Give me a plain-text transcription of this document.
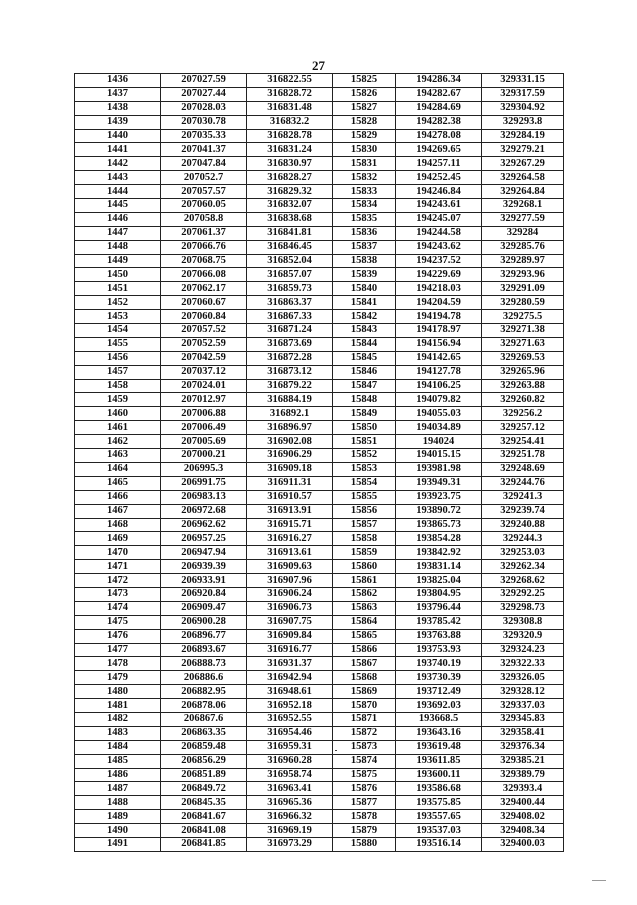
27
1436	207027.59	316822.55	15825	194286.34	329331.15
1437	207027.44	316828.72	15826	194282.67	329317.59
1438	207028.03	316831.48	15827	194284.69	329304.92
1439	207030.78	316832.2	15828	194282.38	329293.8
1440	207035.33	316828.78	15829	194278.08	329284.19
1441	207041.37	316831.24	15830	194269.65	329279.21
1442	207047.84	316830.97	15831	194257.11	329267.29
1443	207052.7	316828.27	15832	194252.45	329264.58
1444	207057.57	316829.32	15833	194246.84	329264.84
1445	207060.05	316832.07	15834	194243.61	329268.1
1446	207058.8	316838.68	15835	194245.07	329277.59
1447	207061.37	316841.81	15836	194244.58	329284
1448	207066.76	316846.45	15837	194243.62	329285.76
1449	207068.75	316852.04	15838	194237.52	329289.97
1450	207066.08	316857.07	15839	194229.69	329293.96
1451	207062.17	316859.73	15840	194218.03	329291.09
1452	207060.67	316863.37	15841	194204.59	329280.59
1453	207060.84	316867.33	15842	194194.78	329275.5
1454	207057.52	316871.24	15843	194178.97	329271.38
1455	207052.59	316873.69	15844	194156.94	329271.63
1456	207042.59	316872.28	15845	194142.65	329269.53
1457	207037.12	316873.12	15846	194127.78	329265.96
1458	207024.01	316879.22	15847	194106.25	329263.88
1459	207012.97	316884.19	15848	194079.82	329260.82
1460	207006.88	316892.1	15849	194055.03	329256.2
1461	207006.49	316896.97	15850	194034.89	329257.12
1462	207005.69	316902.08	15851	194024	329254.41
1463	207000.21	316906.29	15852	194015.15	329251.78
1464	206995.3	316909.18	15853	193981.98	329248.69
1465	206991.75	316911.31	15854	193949.31	329244.76
1466	206983.13	316910.57	15855	193923.75	329241.3
1467	206972.68	316913.91	15856	193890.72	329239.74
1468	206962.62	316915.71	15857	193865.73	329240.88
1469	206957.25	316916.27	15858	193854.28	329244.3
1470	206947.94	316913.61	15859	193842.92	329253.03
1471	206939.39	316909.63	15860	193831.14	329262.34
1472	206933.91	316907.96	15861	193825.04	329268.62
1473	206920.84	316906.24	15862	193804.95	329292.25
1474	206909.47	316906.73	15863	193796.44	329298.73
1475	206900.28	316907.75	15864	193785.42	329308.8
1476	206896.77	316909.84	15865	193763.88	329320.9
1477	206893.67	316916.77	15866	193753.93	329324.23
1478	206888.73	316931.37	15867	193740.19	329322.33
1479	206886.6	316942.94	15868	193730.39	329326.05
1480	206882.95	316948.61	15869	193712.49	329328.12
1481	206878.06	316952.18	15870	193692.03	329337.03
1482	206867.6	316952.55	15871	193668.5	329345.83
1483	206863.35	316954.46	15872	193643.16	329358.41
1484	206859.48	316959.31	15873	193619.48	329376.34
1485	206856.29	316960.28	15874	193611.85	329385.21
1486	206851.89	316958.74	15875	193600.11	329389.79
1487	206849.72	316963.41	15876	193586.68	329393.4
1488	206845.35	316965.36	15877	193575.85	329400.44
1489	206841.67	316966.32	15878	193557.65	329408.02
1490	206841.08	316969.19	15879	193537.03	329408.34
1491	206841.85	316973.29	15880	193516.14	329400.03
